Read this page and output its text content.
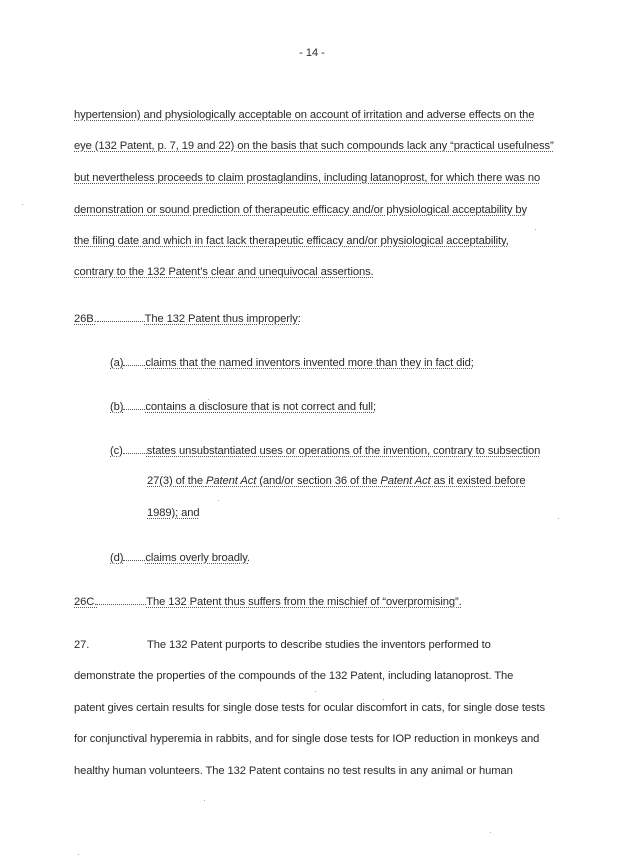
- 14 -
hypertension) and physiologically acceptable on account of irritation and adverse effects on the
eye (132 Patent, p. 7, 19 and 22) on the basis that such compounds lack any “practical usefulness”
but nevertheless proceeds to claim prostaglandins, including latanoprost, for which there was no
demonstration or sound prediction of therapeutic efficacy and/or physiological acceptability by
the filing date and which in fact lack therapeutic efficacy and/or physiological acceptability,
contrary to the 132 Patent’s clear and unequivocal assertions.
26B.	The 132 Patent thus improperly:
(a) claims that the named inventors invented more than they in fact did;
(b) contains a disclosure that is not correct and full;
(c) states unsubstantiated uses or operations of the invention, contrary to subsection
27(3) of the Patent Act (and/or section 36 of the Patent Act as it existed before
1989); and
(d) claims overly broadly.
26C.	The 132 Patent thus suffers from the mischief of “overpromising”.
27.	The 132 Patent purports to describe studies the inventors performed to
demonstrate the properties of the compounds of the 132 Patent, including latanoprost. The
patent gives certain results for single dose tests for ocular discomfort in cats, for single dose tests
for conjunctival hyperemia in rabbits, and for single dose tests for IOP reduction in monkeys and
healthy human volunteers. The 132 Patent contains no test results in any animal or human
